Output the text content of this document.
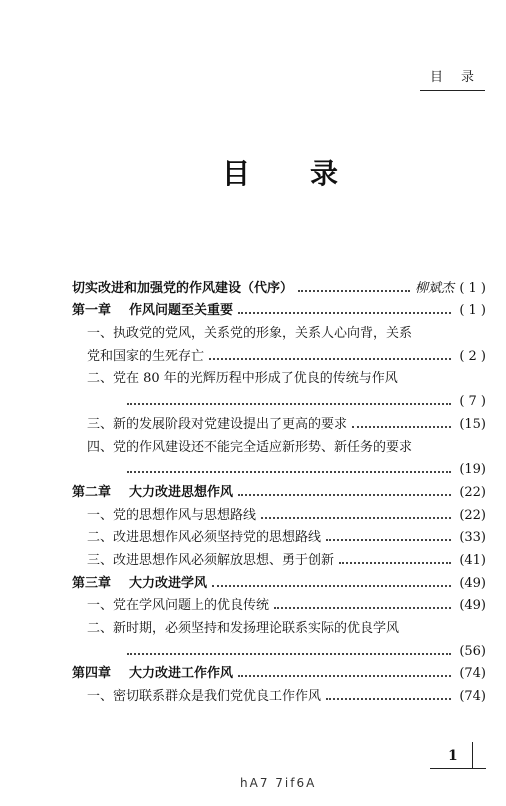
目录
目录
切实改进和加强党的作风建设（代序）	柳斌杰 ( 1 )
第一章 作风问题至关重要	( 1 )
一、执政党的党风，关系党的形象，关系人心向背，关系
党和国家的生死存亡	( 2 )
二、党在 80 年的光辉历程中形成了优良的传统与作风
( 7 )
三、新的发展阶段对党建设提出了更高的要求	(15)
四、党的作风建设还不能完全适应新形势、新任务的要求
(19)
第二章 大力改进思想作风	(22)
一、党的思想作风与思想路线	(22)
二、改进思想作风必须坚持党的思想路线	(33)
三、改进思想作风必须解放思想、勇于创新	(41)
第三章 大力改进学风	(49)
一、党在学风问题上的优良传统	(49)
二、新时期，必须坚持和发扬理论联系实际的优良学风
(56)
第四章 大力改进工作作风	(74)
一、密切联系群众是我们党优良工作作风	(74)
1
hA7 7if6A
